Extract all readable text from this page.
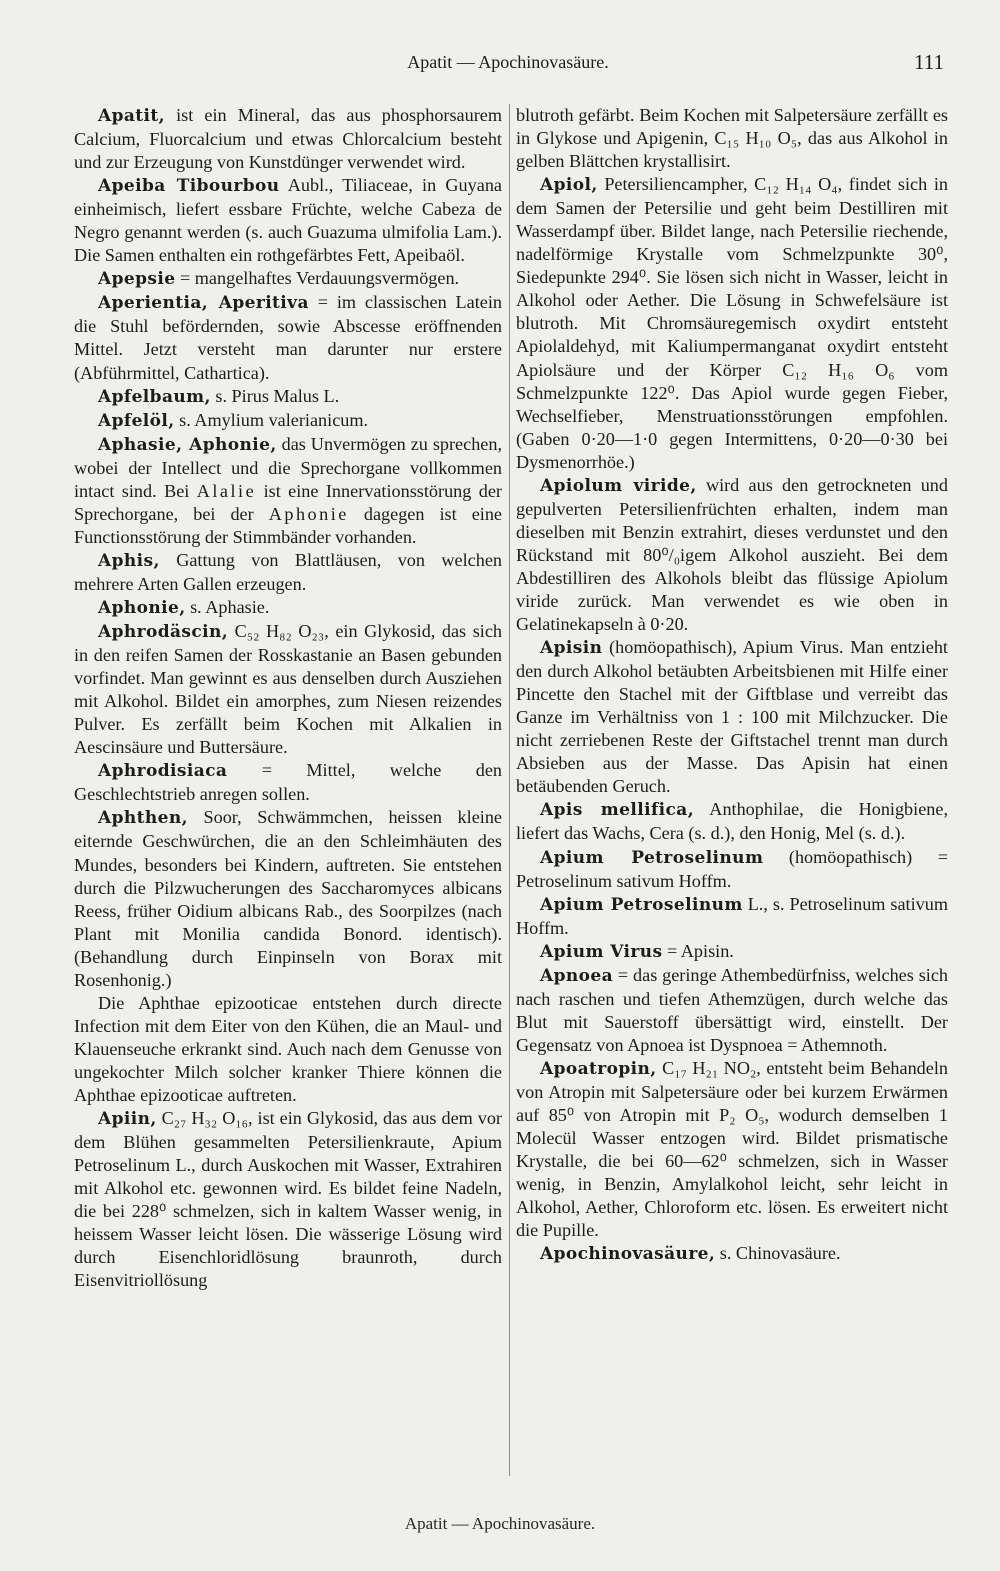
Apatit — Apochinovasäure.	111

Apatit, ist ein Mineral, das aus phosphorsaurem Calcium, Fluorcalcium und etwas Chlorcalcium besteht und zur Erzeugung von Kunstdünger verwendet wird.

Apeiba Tibourbou Aubl., Tiliaceae, in Guyana einheimisch, liefert essbare Früchte, welche Cabeza de Negro genannt werden (s. auch Guazuma ulmifolia Lam.). Die Samen enthalten ein rothgefärbtes Fett, Apeibaöl.

Apepsie = mangelhaftes Verdauungsvermögen.

Aperientia, Aperitiva = im classischen Latein die Stuhl befördernden, sowie Abscesse eröffnenden Mittel. Jetzt versteht man darunter nur erstere (Abführmittel, Cathartica).

Apfelbaum, s. Pirus Malus L.

Apfelöl, s. Amylium valerianicum.

Aphasie, Aphonie, das Unvermögen zu sprechen, wobei der Intellect und die Sprechorgane vollkommen intact sind. Bei Alalie ist eine Innervationsstörung der Sprechorgane, bei der Aphonie dagegen ist eine Functionsstörung der Stimmbänder vorhanden.

Aphis, Gattung von Blattläusen, von welchen mehrere Arten Gallen erzeugen.

Aphonie, s. Aphasie.

Aphrodäscin, C₅₂ H₈₂ O₂₃, ein Glykosid, das sich in den reifen Samen der Rosskastanie an Basen gebunden vorfindet. Man gewinnt es aus denselben durch Ausziehen mit Alkohol. Bildet ein amorphes, zum Niesen reizendes Pulver. Es zerfällt beim Kochen mit Alkalien in Aescinsäure und Buttersäure.

Aphrodisiaca = Mittel, welche den Geschlechtstrieb anregen sollen.

Aphthen, Soor, Schwämmchen, heissen kleine eiternde Geschwürchen, die an den Schleimhäuten des Mundes, besonders bei Kindern, auftreten. Sie entstehen durch die Pilzwucherungen des Saccharomyces albicans Reess, früher Oidium albicans Rab., des Soorpilzes (nach Plant mit Monilia candida Bonord. identisch). (Behandlung durch Einpinseln von Borax mit Rosenhonig.)

Die Aphthae epizooticae entstehen durch directe Infection mit dem Eiter von den Kühen, die an Maul- und Klauenseuche erkrankt sind. Auch nach dem Genusse von ungekochter Milch solcher kranker Thiere können die Aphthae epizooticae auftreten.

Apiin, C₂₇ H₃₂ O₁₆, ist ein Glykosid, das aus dem vor dem Blühen gesammelten Petersilienkraute, Apium Petroselinum L., durch Auskochen mit Wasser, Extrahiren mit Alkohol etc. gewonnen wird. Es bildet feine Nadeln, die bei 228⁰ schmelzen, sich in kaltem Wasser wenig, in heissem Wasser leicht lösen. Die wässerige Lösung wird durch Eisenchloridlösung braunroth, durch Eisenvitriollösung

blutroth gefärbt. Beim Kochen mit Salpetersäure zerfällt es in Glykose und Apigenin, C₁₅ H₁₀ O₅, das aus Alkohol in gelben Blättchen krystallisirt.

Apiol, Petersiliencampher, C₁₂ H₁₄ O₄, findet sich in dem Samen der Petersilie und geht beim Destilliren mit Wasserdampf über. Bildet lange, nach Petersilie riechende, nadelförmige Krystalle vom Schmelzpunkte 30⁰, Siedepunkte 294⁰. Sie lösen sich nicht in Wasser, leicht in Alkohol oder Aether. Die Lösung in Schwefelsäure ist blutroth. Mit Chromsäuregemisch oxydirt entsteht Apiolaldehyd, mit Kaliumpermanganat oxydirt entsteht Apiolsäure und der Körper C₁₂ H₁₆ O₆ vom Schmelzpunkte 122⁰. Das Apiol wurde gegen Fieber, Wechselfieber, Menstruationsstörungen empfohlen. (Gaben 0·20—1·0 gegen Intermittens, 0·20—0·30 bei Dysmenorrhöe.)

Apiolum viride, wird aus den getrockneten und gepulverten Petersilienfrüchten erhalten, indem man dieselben mit Benzin extrahirt, dieses verdunstet und den Rückstand mit 80⁰/₀igem Alkohol auszieht. Bei dem Abdestilliren des Alkohols bleibt das flüssige Apiolum viride zurück. Man verwendet es wie oben in Gelatinekapseln à 0·20.

Apisin (homöopathisch), Apium Virus. Man entzieht den durch Alkohol betäubten Arbeitsbienen mit Hilfe einer Pincette den Stachel mit der Giftblase und verreibt das Ganze im Verhältniss von 1 : 100 mit Milchzucker. Die nicht zerriebenen Reste der Giftstachel trennt man durch Absieben aus der Masse. Das Apisin hat einen betäubenden Geruch.

Apis mellifica, Anthophilae, die Honigbiene, liefert das Wachs, Cera (s. d.), den Honig, Mel (s. d.).

Apium Petroselinum (homöopathisch) = Petroselinum sativum Hoffm.

Apium Petroselinum L., s. Petroselinum sativum Hoffm.

Apium Virus = Apisin.

Apnoea = das geringe Athembedürfniss, welches sich nach raschen und tiefen Athemzügen, durch welche das Blut mit Sauerstoff übersättigt wird, einstellt. Der Gegensatz von Apnoea ist Dyspnoea = Athemnoth.

Apoatropin, C₁₇ H₂₁ NO₂, entsteht beim Behandeln von Atropin mit Salpetersäure oder bei kurzem Erwärmen auf 85⁰ von Atropin mit P₂ O₅, wodurch demselben 1 Molecül Wasser entzogen wird. Bildet prismatische Krystalle, die bei 60—62⁰ schmelzen, sich in Wasser wenig, in Benzin, Amylalkohol leicht, sehr leicht in Alkohol, Aether, Chloroform etc. lösen. Es erweitert nicht die Pupille.

Apochinovasäure, s. Chinovasäure.

Apatit — Apochinovasäure.
